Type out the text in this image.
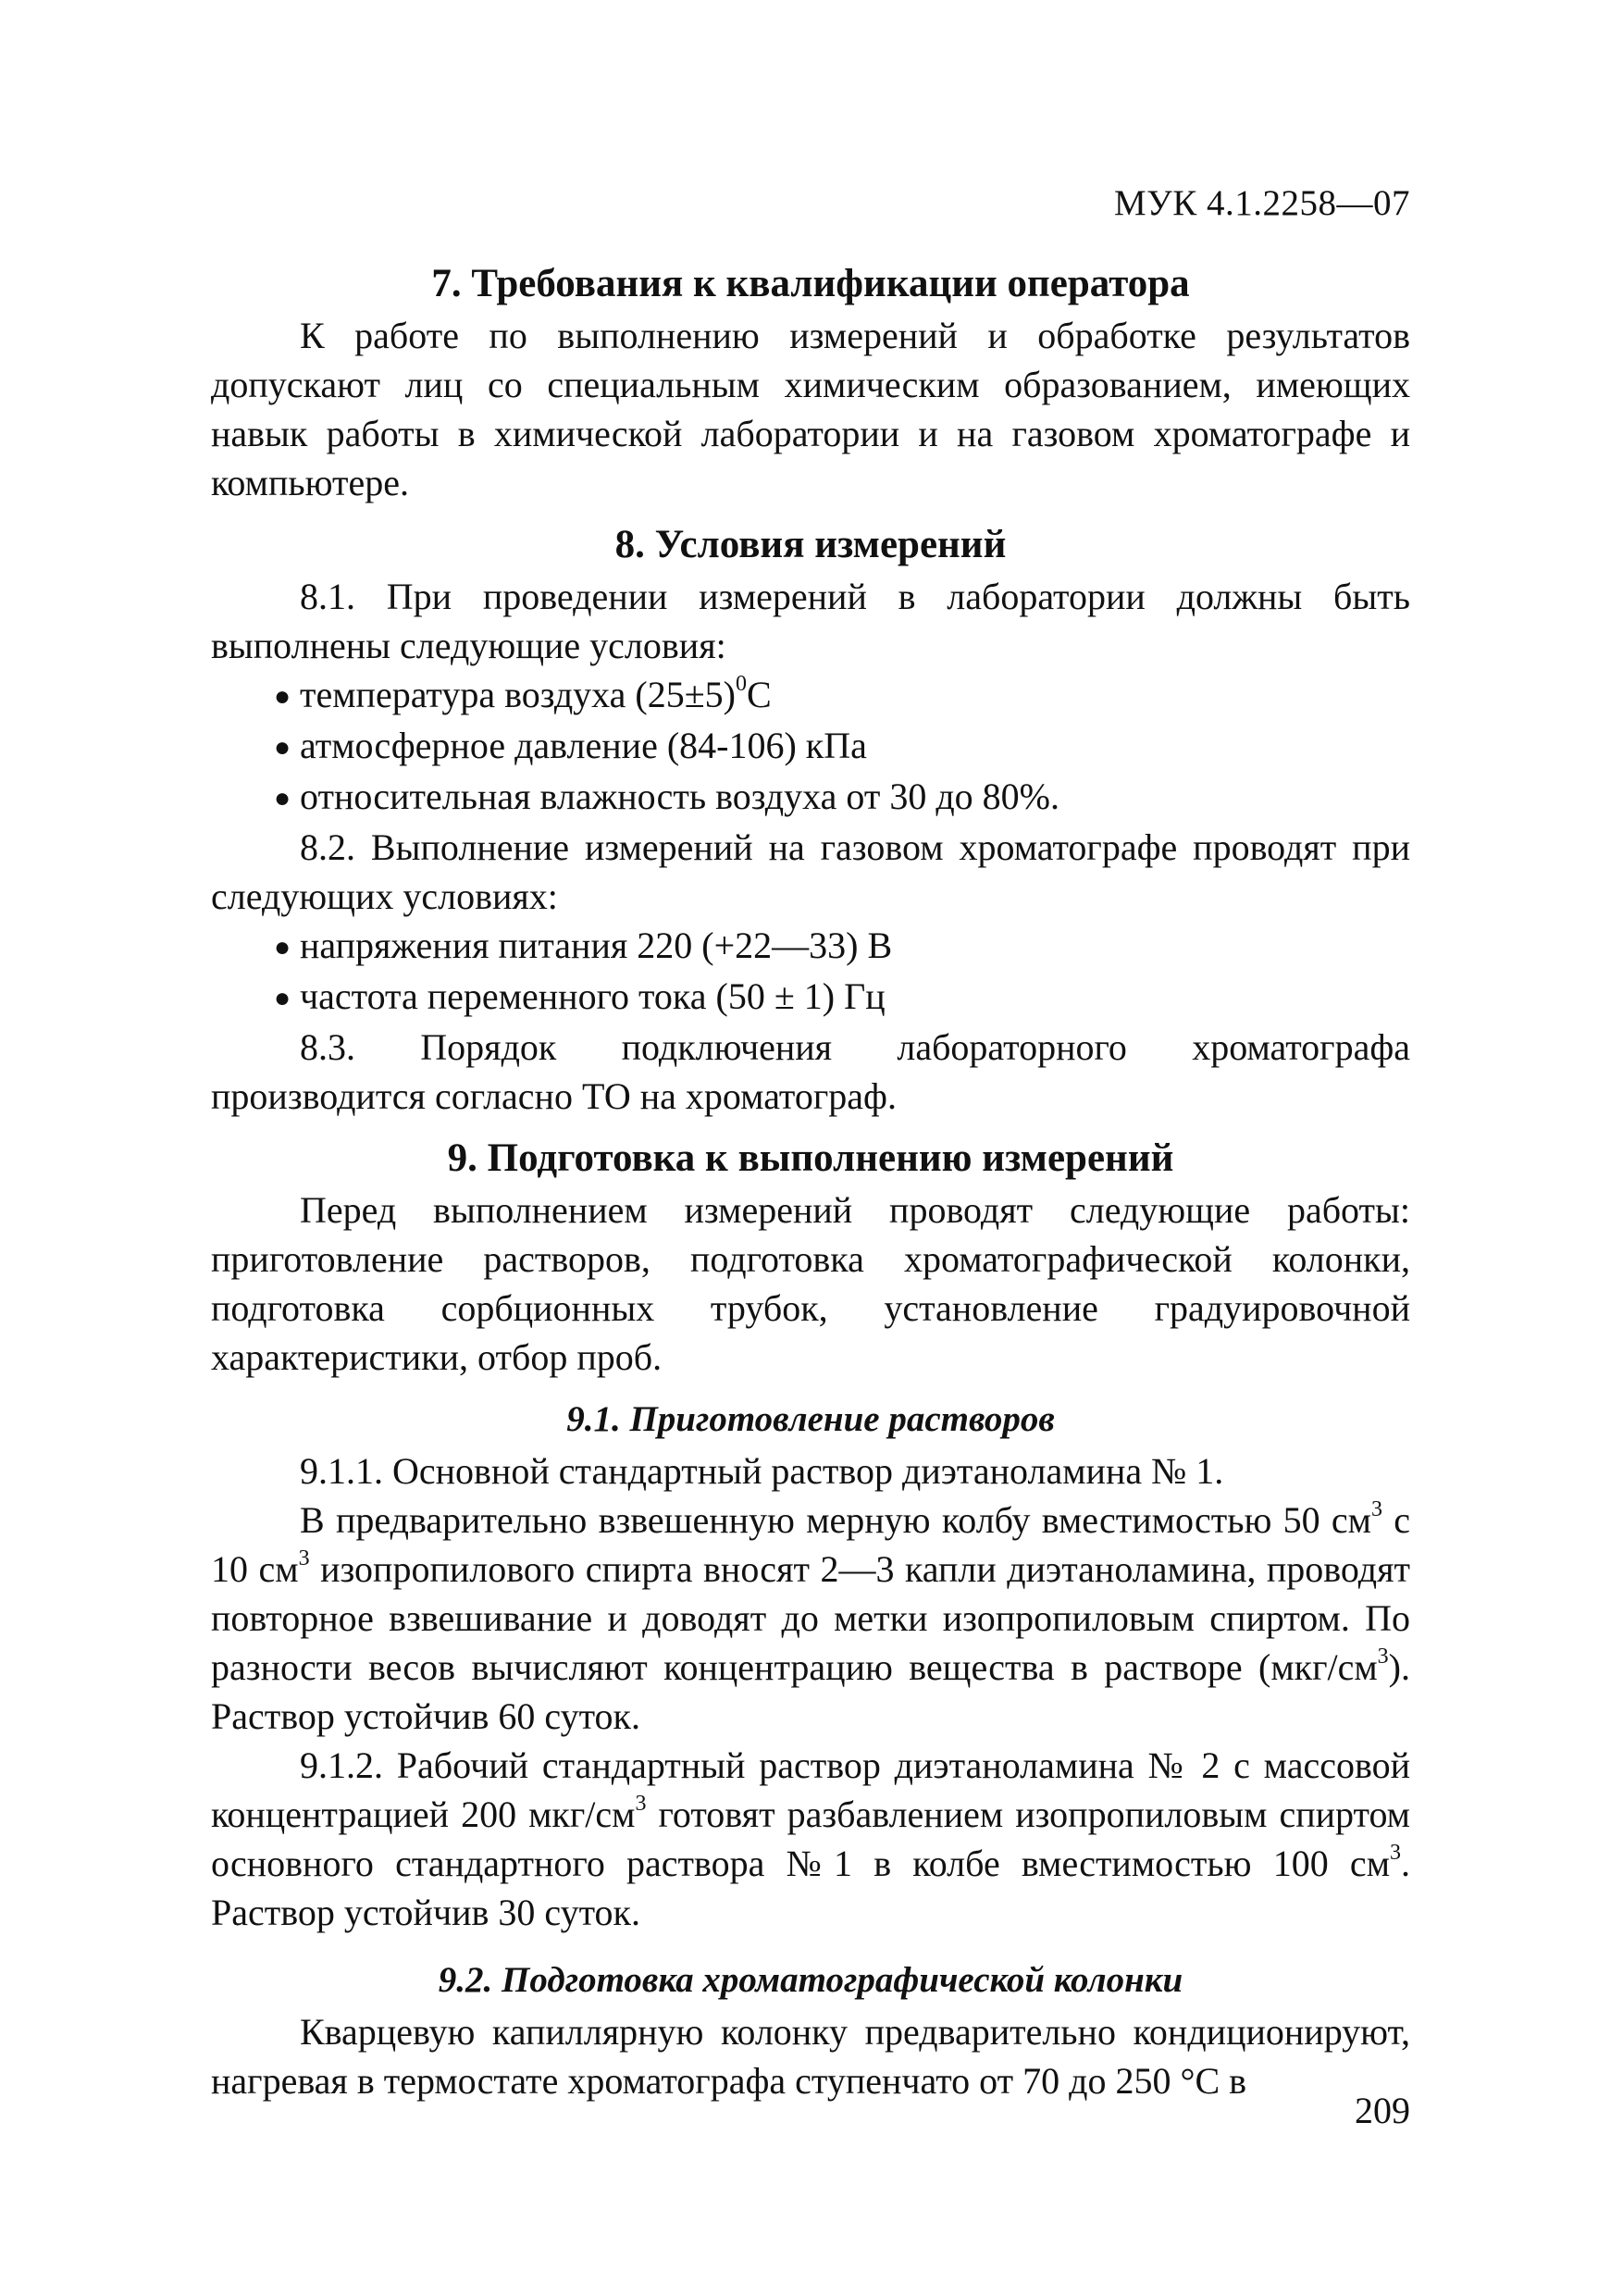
МУК 4.1.2258—07
7. Требования к квалификации оператора

К работе по выполнению измерений и обработке результатов допускают лиц со специальным химическим образованием, имеющих навык работы в химической лаборатории и на газовом хроматографе и компьютере.

8. Условия измерений

8.1. При проведении измерений в лаборатории должны быть выполнены следующие условия:

● температура воздуха $(25\pm 5)^0С$

● атмосферное давление (84-106) кПа

● относительная влажность воздуха от 30 до 80%.

8.2. Выполнение измерений на газовом хроматографе проводят при следующих условиях:

● напряжения питания 220 (+22—33) В

● частота переменного тока (50 ± 1) Гц

8.3. Порядок подключения лабораторного хроматографа производится согласно ТО на хроматограф.

9. Подготовка к выполнению измерений

Перед выполнением измерений проводят следующие работы: приготовление растворов, подготовка хроматографической колонки, подготовка сорбционных трубок, установление градуировочной характеристики, отбор проб.

9.1. Приготовление растворов

9.1.1. Основной стандартный раствор диэтаноламина № 1.

В предварительно взвешенную мерную колбу вместимостью 50 $см^3$ с 10 $см^3$ изопропилового спирта вносят 2—3 капли диэтаноламина, проводят повторное взвешивание и доводят до метки изопропиловым спиртом. По разности весов вычисляют концентрацию вещества в растворе $(мкг/см^3)$. Раствор устойчив 60 суток.

9.1.2. Рабочий стандартный раствор диэтаноламина № 2 с массовой концентрацией 200 мкг/$см^3$ готовят разбавлением изопропиловым спиртом основного стандартного раствора №1 в колбе вместимостью 100 $см^3$. Раствор устойчив 30 суток.

9.2. Подготовка хроматографической колонки

Кварцевую капиллярную колонку предварительно кондиционируют, нагревая в термостате хроматографа ступенчато от 70 до 250 °С в

209
